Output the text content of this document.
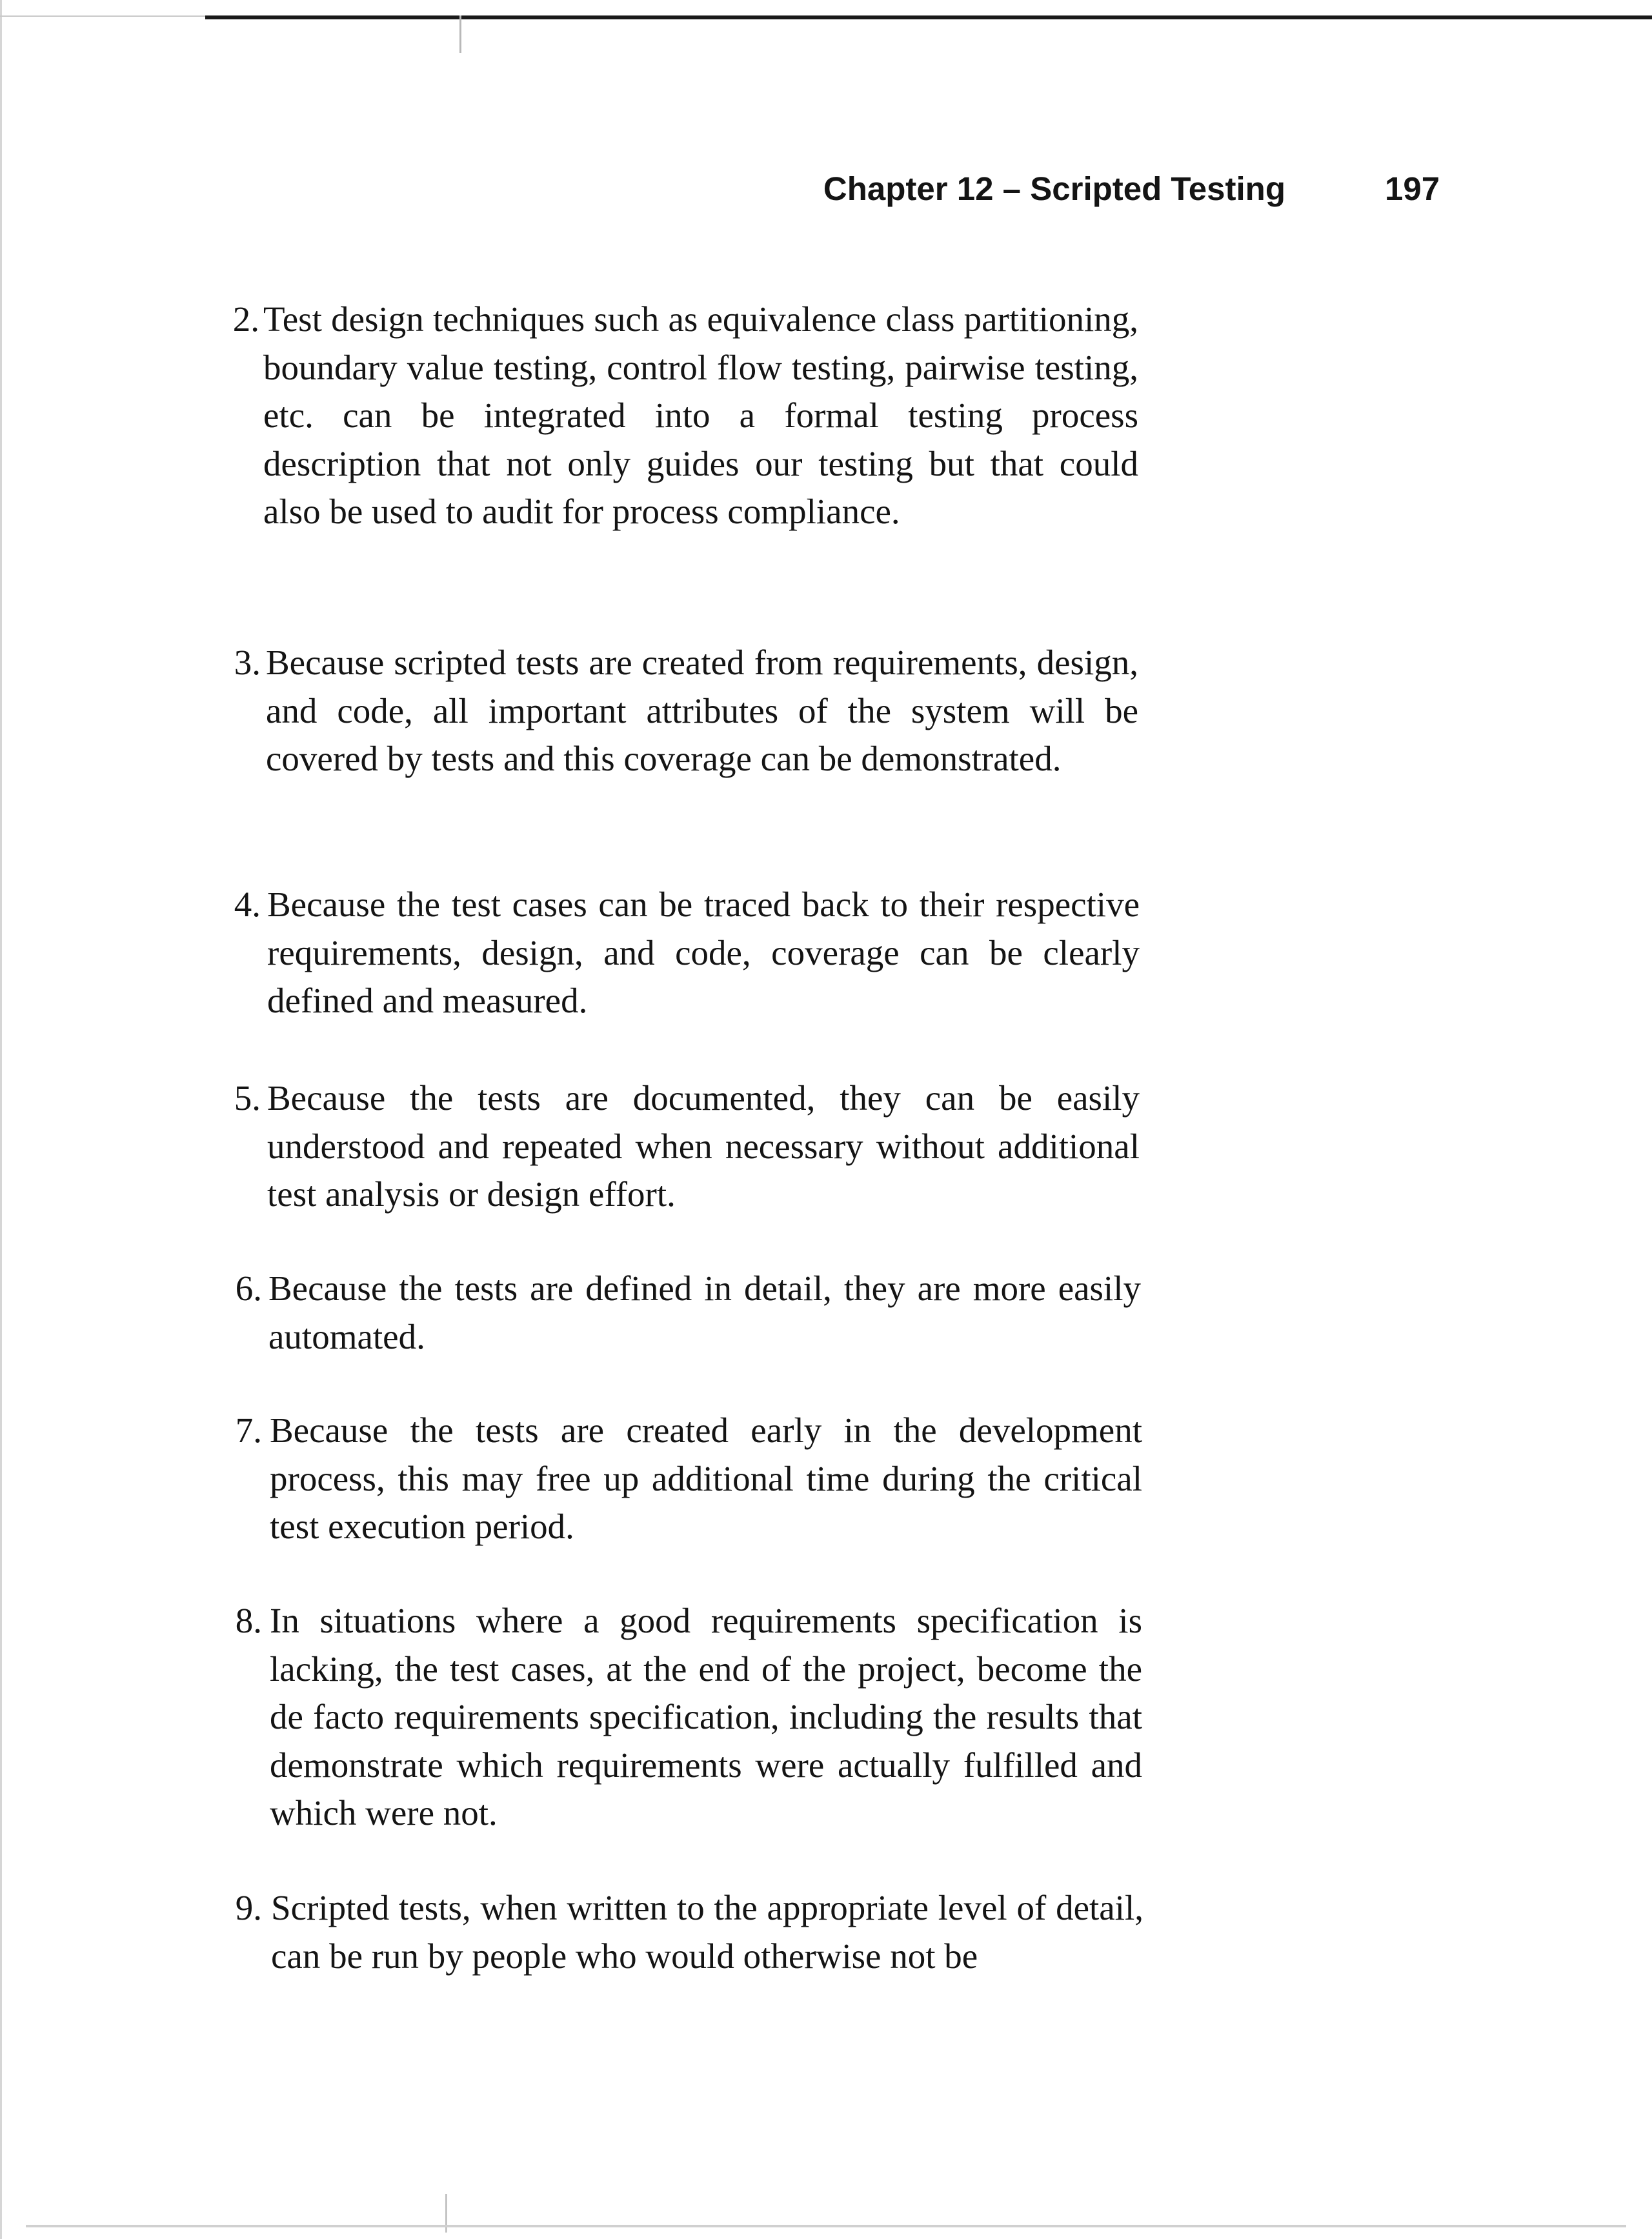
Chapter 12 – Scripted Testing	197
2. Test design techniques such as equivalence class partitioning, boundary value testing, control flow testing, pairwise testing, etc. can be integrated into a formal testing process description that not only guides our testing but that could also be used to audit for process compliance.
3. Because scripted tests are created from requirements, design, and code, all important attributes of the system will be covered by tests and this coverage can be demonstrated.
4. Because the test cases can be traced back to their respective requirements, design, and code, coverage can be clearly defined and measured.
5. Because the tests are documented, they can be easily understood and repeated when necessary without additional test analysis or design effort.
6. Because the tests are defined in detail, they are more easily automated.
7. Because the tests are created early in the development process, this may free up additional time during the critical test execution period.
8. In situations where a good requirements specification is lacking, the test cases, at the end of the project, become the de facto requirements specification, including the results that demonstrate which requirements were actually fulfilled and which were not.
9. Scripted tests, when written to the appropriate level of detail, can be run by people who would otherwise not be
